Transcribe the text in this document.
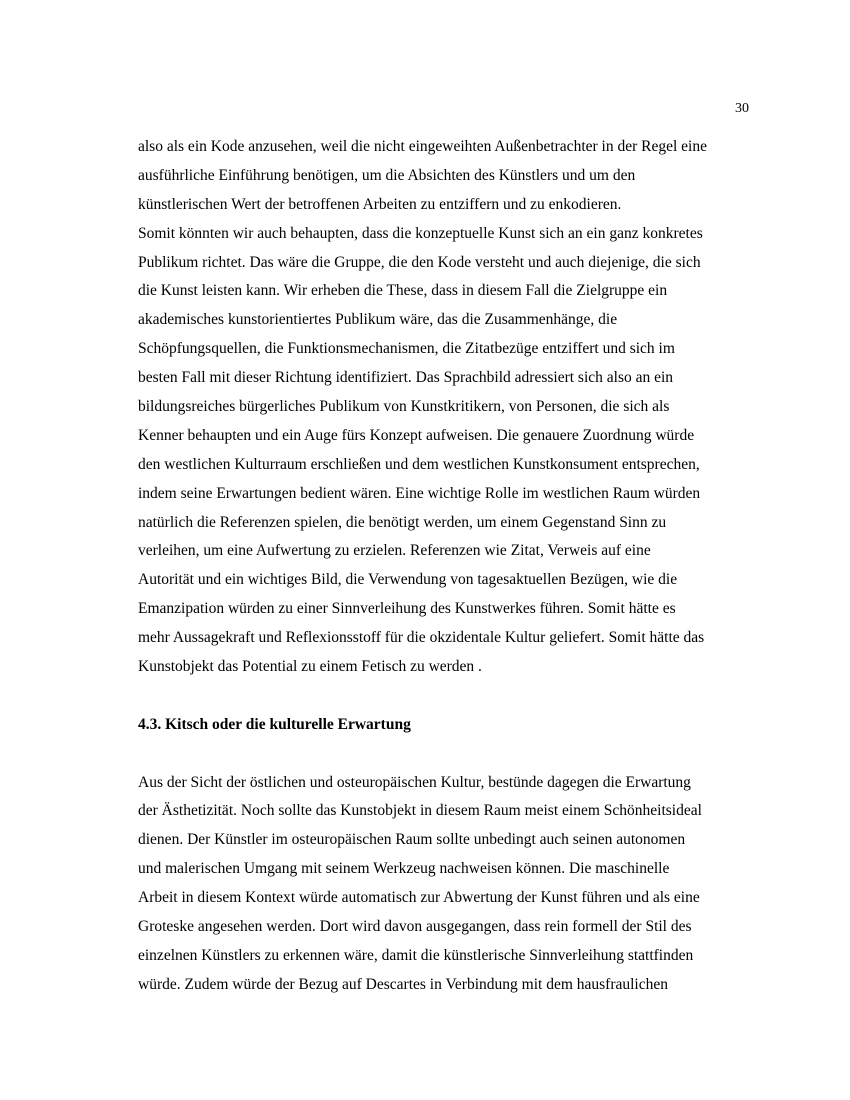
30
also als ein Kode anzusehen, weil die nicht eingeweihten Außenbetrachter in der Regel eine
ausführliche Einführung benötigen, um die Absichten des Künstlers und um den
künstlerischen Wert der betroffenen Arbeiten zu entziffern und zu enkodieren.
Somit könnten wir auch behaupten, dass die konzeptuelle Kunst sich an ein ganz konkretes
Publikum richtet. Das wäre die Gruppe, die den Kode versteht und auch diejenige, die sich
die Kunst leisten kann. Wir erheben die These, dass in diesem Fall die Zielgruppe ein
akademisches kunstorientiertes Publikum wäre, das die Zusammenhänge, die
Schöpfungsquellen, die Funktionsmechanismen, die Zitatbezüge entziffert und sich im
besten Fall mit dieser Richtung identifiziert. Das Sprachbild adressiert sich also an ein
bildungsreiches bürgerliches Publikum von Kunstkritikern, von Personen, die sich als
Kenner behaupten und ein Auge fürs Konzept aufweisen. Die genauere Zuordnung würde
den westlichen Kulturraum erschließen und dem westlichen Kunstkonsument entsprechen,
indem seine Erwartungen bedient wären. Eine wichtige Rolle im westlichen Raum würden
natürlich die Referenzen spielen, die benötigt werden, um einem Gegenstand Sinn zu
verleihen, um eine Aufwertung zu erzielen. Referenzen wie Zitat, Verweis auf eine
Autorität und ein wichtiges Bild, die Verwendung von tagesaktuellen Bezügen, wie die
Emanzipation würden zu einer Sinnverleihung des Kunstwerkes führen. Somit hätte es
mehr Aussagekraft und Reflexionsstoff für die okzidentale Kultur geliefert. Somit hätte das
Kunstobjekt das Potential zu einem Fetisch zu werden .
4.3. Kitsch oder die kulturelle Erwartung
Aus der Sicht der östlichen und osteuropäischen Kultur, bestünde dagegen die Erwartung
der Ästhetizität. Noch sollte das Kunstobjekt in diesem Raum meist einem Schönheitsideal
dienen. Der Künstler im osteuropäischen Raum sollte unbedingt auch seinen autonomen
und malerischen Umgang mit seinem Werkzeug nachweisen können. Die maschinelle
Arbeit in diesem Kontext würde automatisch zur Abwertung der Kunst führen und als eine
Groteske angesehen werden. Dort wird davon ausgegangen, dass rein formell der Stil des
einzelnen Künstlers zu erkennen wäre, damit die künstlerische Sinnverleihung stattfinden
würde. Zudem würde der Bezug auf Descartes in Verbindung mit dem hausfraulichen
